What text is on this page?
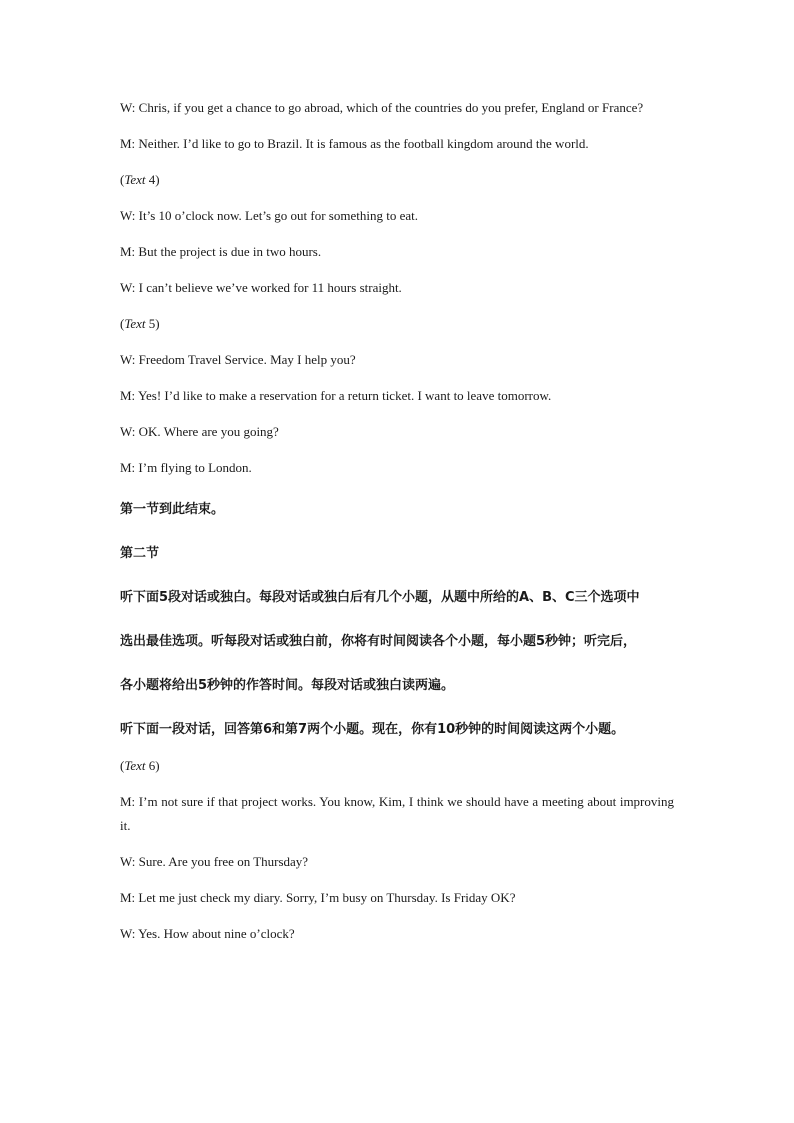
W: Chris, if you get a chance to go abroad, which of the countries do you prefer, England or France?

M: Neither. I’d like to go to Brazil. It is famous as the football kingdom around the world.

(Text 4)

W: It’s 10 o’clock now. Let’s go out for something to eat.

M: But the project is due in two hours.

W: I can’t believe we’ve worked for 11 hours straight.

(Text 5)

W: Freedom Travel Service. May I help you?

M: Yes! I’d like to make a reservation for a return ticket. I want to leave tomorrow.

W: OK. Where are you going?

M: I’m flying to London.

第一节到此结束。

第二节

听下面5段对话或独白。每段对话或独白后有几个小题，从题中所给的A、B、C三个选项中

选出最佳选项。听每段对话或独白前，你将有时间阅读各个小题，每小题5秒钟；听完后，

各小题将给出5秒钟的作答时间。每段对话或独白读两遍。

听下面一段对话，回答第6和第7两个小题。现在，你有10秒钟的时间阅读这两个小题。

(Text 6)

M: I’m not sure if that project works. You know, Kim, I think we should have a meeting about improving it.

W: Sure. Are you free on Thursday?

M: Let me just check my diary. Sorry, I’m busy on Thursday. Is Friday OK?

W: Yes. How about nine o’clock?
